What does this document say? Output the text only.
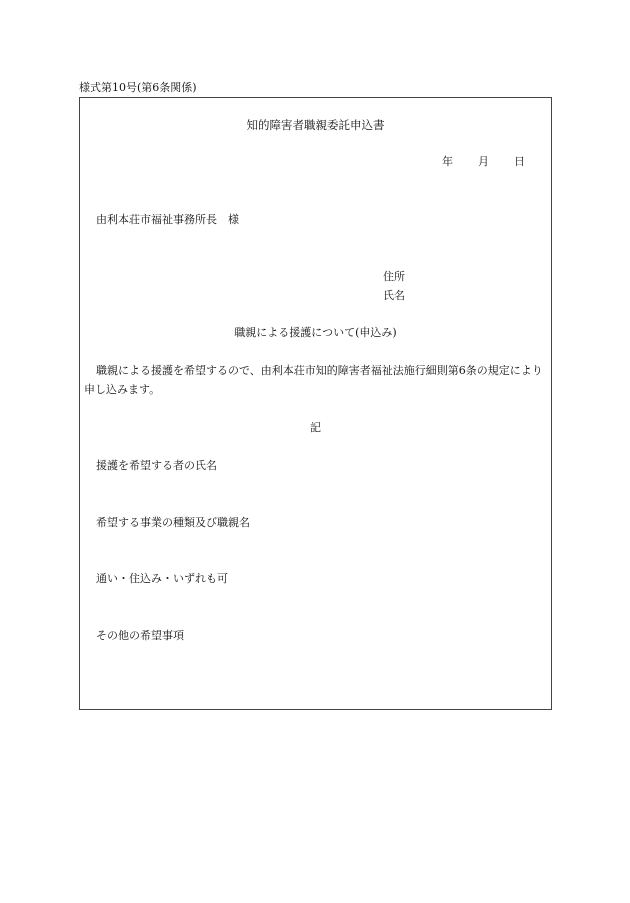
様式第10号(第6条関係)
知的障害者職親委託申込書
年 月 日
由利本荘市福祉事務所長　様
住所
氏名
職親による援護について(申込み)
職親による援護を希望するので、由利本荘市知的障害者福祉法施行細則第6条の規定により申し込みます。
記
援護を希望する者の氏名
希望する事業の種類及び職親名
通い・住込み・いずれも可
その他の希望事項
